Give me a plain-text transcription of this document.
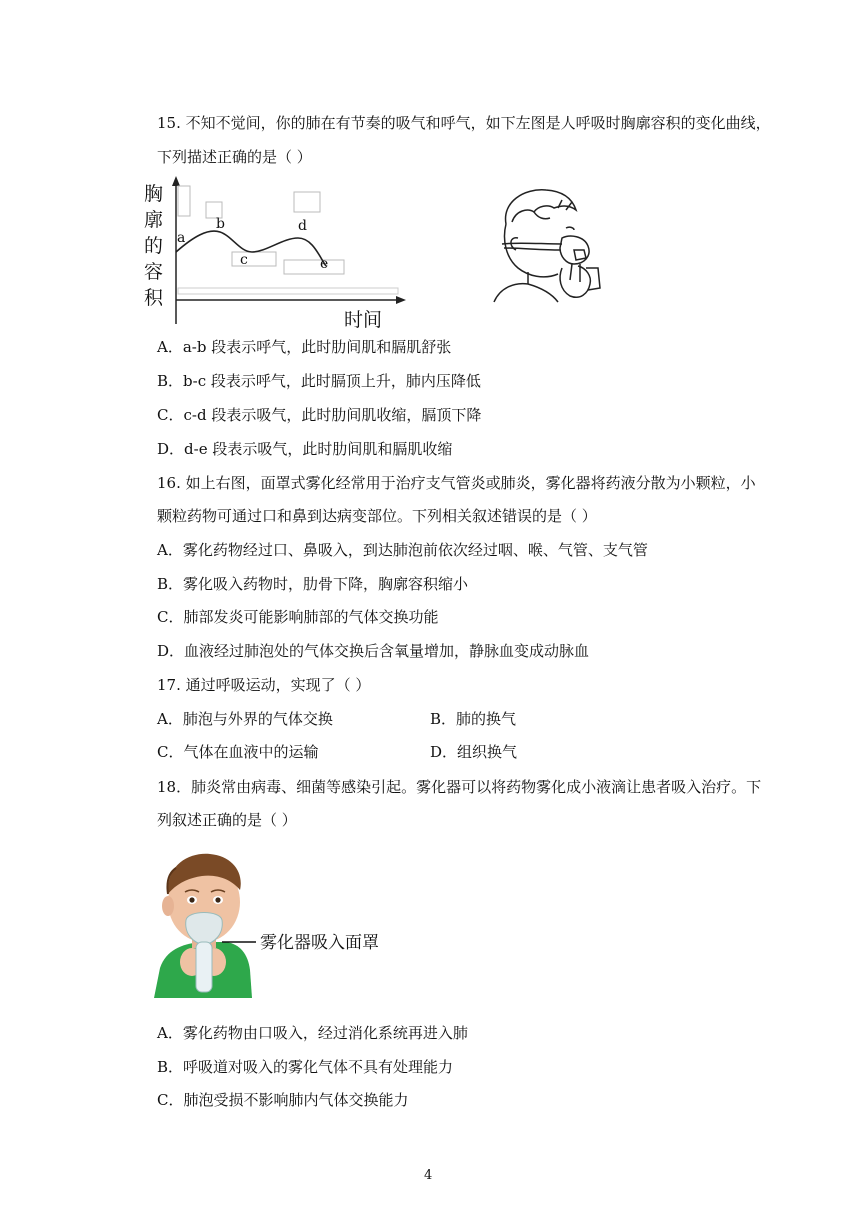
15. 不知不觉间，你的肺在有节奏的吸气和呼气，如下左图是人呼吸时胸廓容积的变化曲线，
下列描述正确的是（ ）
胸
廓
的
容
积
a
b
c
d
e
时间
A．a-b 段表示呼气，此时肋间肌和膈肌舒张
B．b-c 段表示呼气，此时膈顶上升，肺内压降低
C．c-d 段表示吸气，此时肋间肌收缩，膈顶下降
D．d-e 段表示吸气，此时肋间肌和膈肌收缩
16. 如上右图，面罩式雾化经常用于治疗支气管炎或肺炎，雾化器将药液分散为小颗粒，小
颗粒药物可通过口和鼻到达病变部位。下列相关叙述错误的是（ ）
A．雾化药物经过口、鼻吸入，到达肺泡前依次经过咽、喉、气管、支气管
B．雾化吸入药物时，肋骨下降，胸廓容积缩小
C．肺部发炎可能影响肺部的气体交换功能
D．血液经过肺泡处的气体交换后含氧量增加，静脉血变成动脉血
17. 通过呼吸运动，实现了（ ）
A．肺泡与外界的气体交换	B．肺的换气
C．气体在血液中的运输	D．组织换气
18．肺炎常由病毒、细菌等感染引起。雾化器可以将药物雾化成小液滴让患者吸入治疗。下
列叙述正确的是（ ）
雾化器吸入面罩
A．雾化药物由口吸入，经过消化系统再进入肺
B．呼吸道对吸入的雾化气体不具有处理能力
C．肺泡受损不影响肺内气体交换能力
4
